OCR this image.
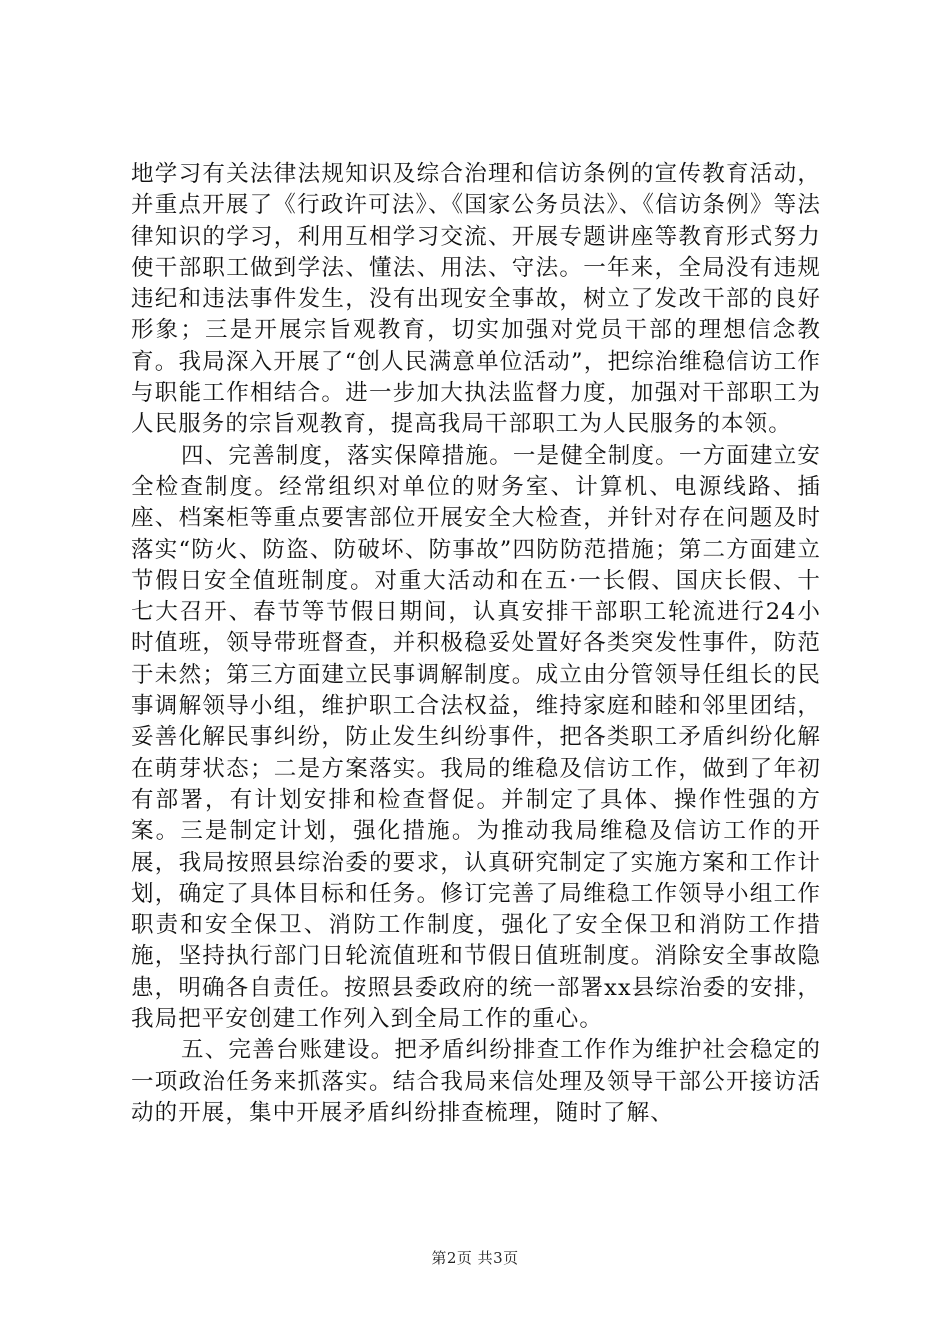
地学习有关法律法规知识及综合治理和信访条例的宣传教育活动，并重点开展了《行政许可法》、《国家公务员法》、《信访条例》等法律知识的学习，利用互相学习交流、开展专题讲座等教育形式努力使干部职工做到学法、懂法、用法、守法。一年来，全局没有违规违纪和违法事件发生，没有出现安全事故，树立了发改干部的良好形象；三是开展宗旨观教育，切实加强对党员干部的理想信念教育。我局深入开展了“创人民满意单位活动”，把综治维稳信访工作与职能工作相结合。进一步加大执法监督力度，加强对干部职工为人民服务的宗旨观教育，提高我局干部职工为人民服务的本领。

四、完善制度，落实保障措施。一是健全制度。一方面建立安全检查制度。经常组织对单位的财务室、计算机、电源线路、插座、档案柜等重点要害部位开展安全大检查，并针对存在问题及时落实“防火、防盗、防破坏、防事故”四防防范措施；第二方面建立节假日安全值班制度。对重大活动和在五·一长假、国庆长假、十七大召开、春节等节假日期间，认真安排干部职工轮流进行24小时值班，领导带班督查，并积极稳妥处置好各类突发性事件，防范于未然；第三方面建立民事调解制度。成立由分管领导任组长的民事调解领导小组，维护职工合法权益，维持家庭和睦和邻里团结，妥善化解民事纠纷，防止发生纠纷事件，把各类职工矛盾纠纷化解在萌芽状态；二是方案落实。我局的维稳及信访工作，做到了年初有部署，有计划安排和检查督促。并制定了具体、操作性强的方案。三是制定计划，强化措施。为推动我局维稳及信访工作的开展，我局按照县综治委的要求，认真研究制定了实施方案和工作计划，确定了具体目标和任务。修订完善了局维稳工作领导小组工作职责和安全保卫、消防工作制度，强化了安全保卫和消防工作措施，坚持执行部门日轮流值班和节假日值班制度。消除安全事故隐患，明确各自责任。按照县委政府的统一部署xx县综治委的安排，我局把平安创建工作列入到全局工作的重心。

五、完善台账建设。把矛盾纠纷排查工作作为维护社会稳定的一项政治任务来抓落实。结合我局来信处理及领导干部公开接访活动的开展，集中开展矛盾纠纷排查梳理，随时了解、

第2页 共3页
